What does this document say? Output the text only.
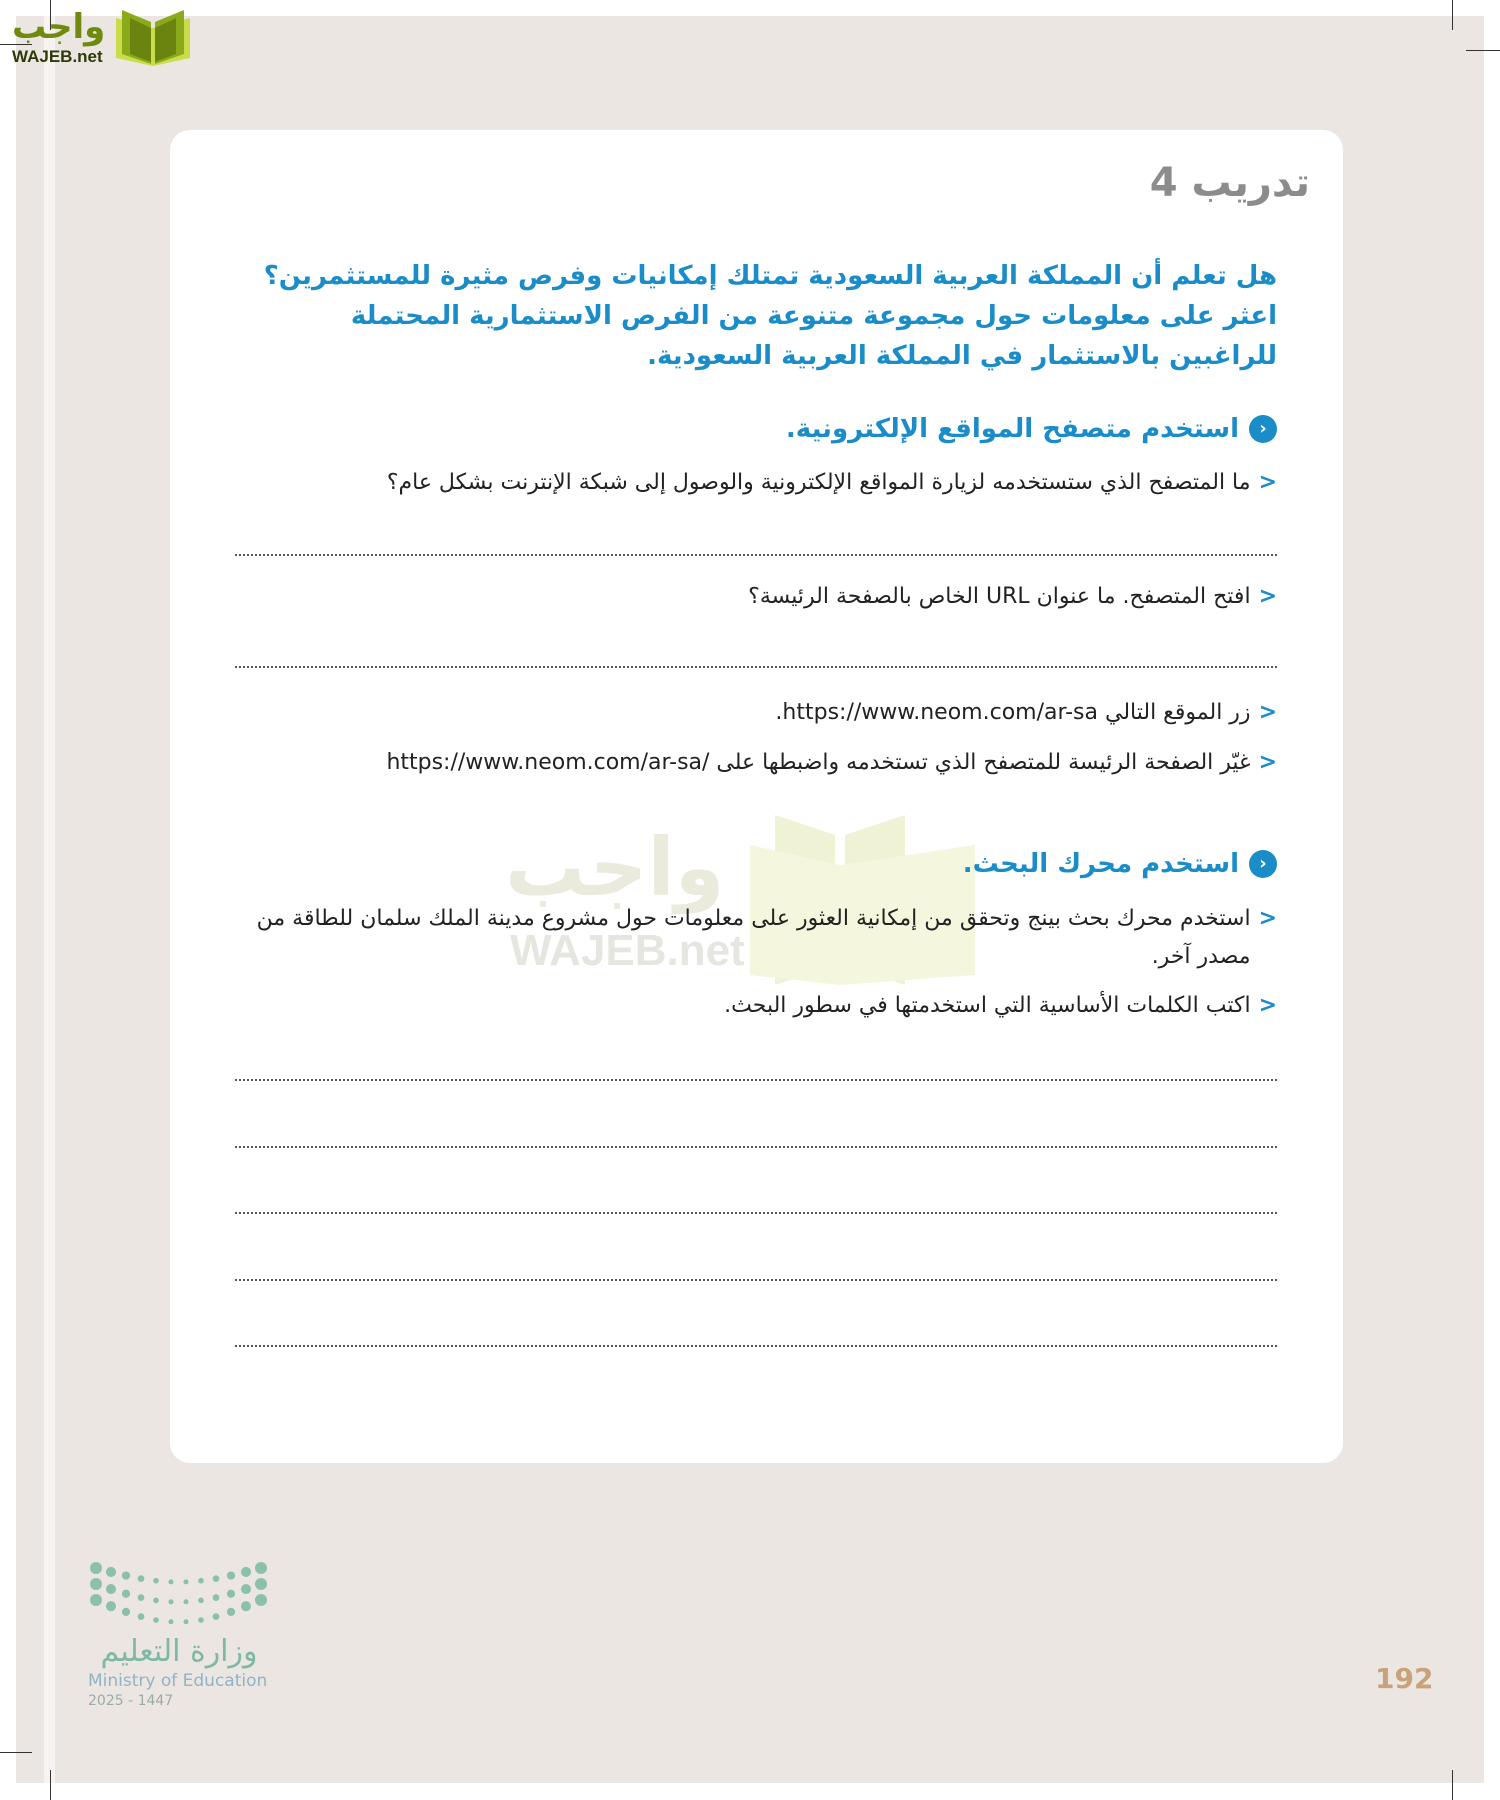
واجب
WAJEB.net
واجب
WAJEB.net
تدريب 4
هل تعلم أن المملكة العربية السعودية تمتلك إمكانيات وفرص مثيرة للمستثمرين؟ اعثر على معلومات حول مجموعة متنوعة من الفرص الاستثمارية المحتملة للراغبين بالاستثمار في المملكة العربية السعودية.
‹
استخدم متصفح المواقع الإلكترونية.
<
ما المتصفح الذي ستستخدمه لزيارة المواقع الإلكترونية والوصول إلى شبكة الإنترنت بشكل عام؟
<
افتح المتصفح. ما عنوان URL الخاص بالصفحة الرئيسة؟
<
زر الموقع التالي https://www.neom.com/ar-sa.
<
غيّر الصفحة الرئيسة للمتصفح الذي تستخدمه واضبطها على /https://www.neom.com/ar-sa
‹
استخدم محرك البحث.
<
استخدم محرك بحث بينج وتحقق من إمكانية العثور على معلومات حول مشروع مدينة الملك سلمان للطاقة من مصدر آخر.
<
اكتب الكلمات الأساسية التي استخدمتها في سطور البحث.
وزارة التعليم
Ministry of Education
2025 - 1447
192
